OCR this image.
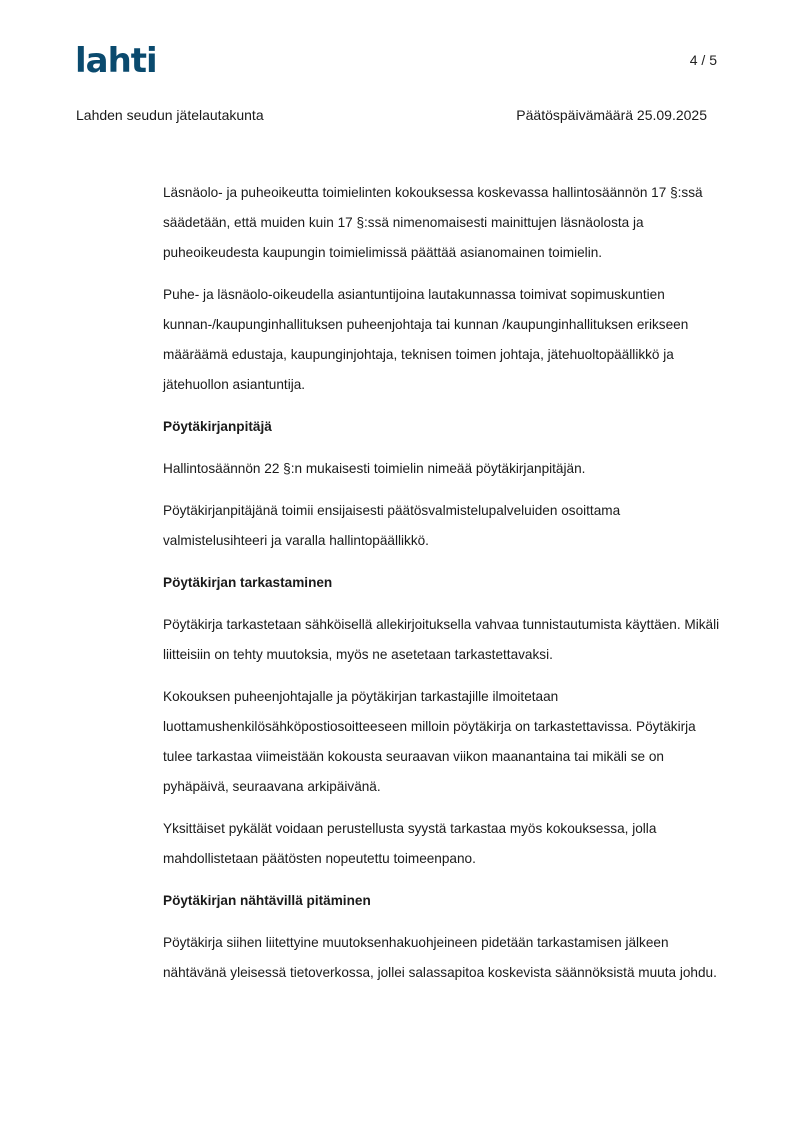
lahti	4 / 5
Lahden seudun jätelautakunta	Päätöspäivämäärä 25.09.2025

Läsnäolo- ja puheoikeutta toimielinten kokouksessa koskevassa hallintosäännön 17 §:ssä säädetään, että muiden kuin 17 §:ssä nimenomaisesti mainittujen läsnäolosta ja puheoikeudesta kaupungin toimielimissä päättää asianomainen toimielin.

Puhe- ja läsnäolo-oikeudella asiantuntijoina lautakunnassa toimivat sopimuskuntien kunnan-/kaupunginhallituksen puheenjohtaja tai kunnan /kaupunginhallituksen erikseen määräämä edustaja, kaupunginjohtaja, teknisen toimen johtaja, jätehuoltopäällikkö ja jätehuollon asiantuntija.

Pöytäkirjanpitäjä

Hallintosäännön 22 §:n mukaisesti toimielin nimeää pöytäkirjanpitäjän.

Pöytäkirjanpitäjänä toimii ensijaisesti päätösvalmistelupalveluiden osoittama valmistelusihteeri ja varalla hallintopäällikkö.

Pöytäkirjan tarkastaminen

Pöytäkirja tarkastetaan sähköisellä allekirjoituksella vahvaa tunnistautumista käyttäen. Mikäli liitteisiin on tehty muutoksia, myös ne asetetaan tarkastettavaksi.

Kokouksen puheenjohtajalle ja pöytäkirjan tarkastajille ilmoitetaan luottamushenkilösähköpostiosoitteeseen milloin pöytäkirja on tarkastettavissa. Pöytäkirja tulee tarkastaa viimeistään kokousta seuraavan viikon maanantaina tai mikäli se on pyhäpäivä, seuraavana arkipäivänä.

Yksittäiset pykälät voidaan perustellusta syystä tarkastaa myös kokouksessa, jolla mahdollistetaan päätösten nopeutettu toimeenpano.

Pöytäkirjan nähtävillä pitäminen

Pöytäkirja siihen liitettyine muutoksenhakuohjeineen pidetään tarkastamisen jälkeen nähtävänä yleisessä tietoverkossa, jollei salassapitoa koskevista säännöksistä muuta johdu.
